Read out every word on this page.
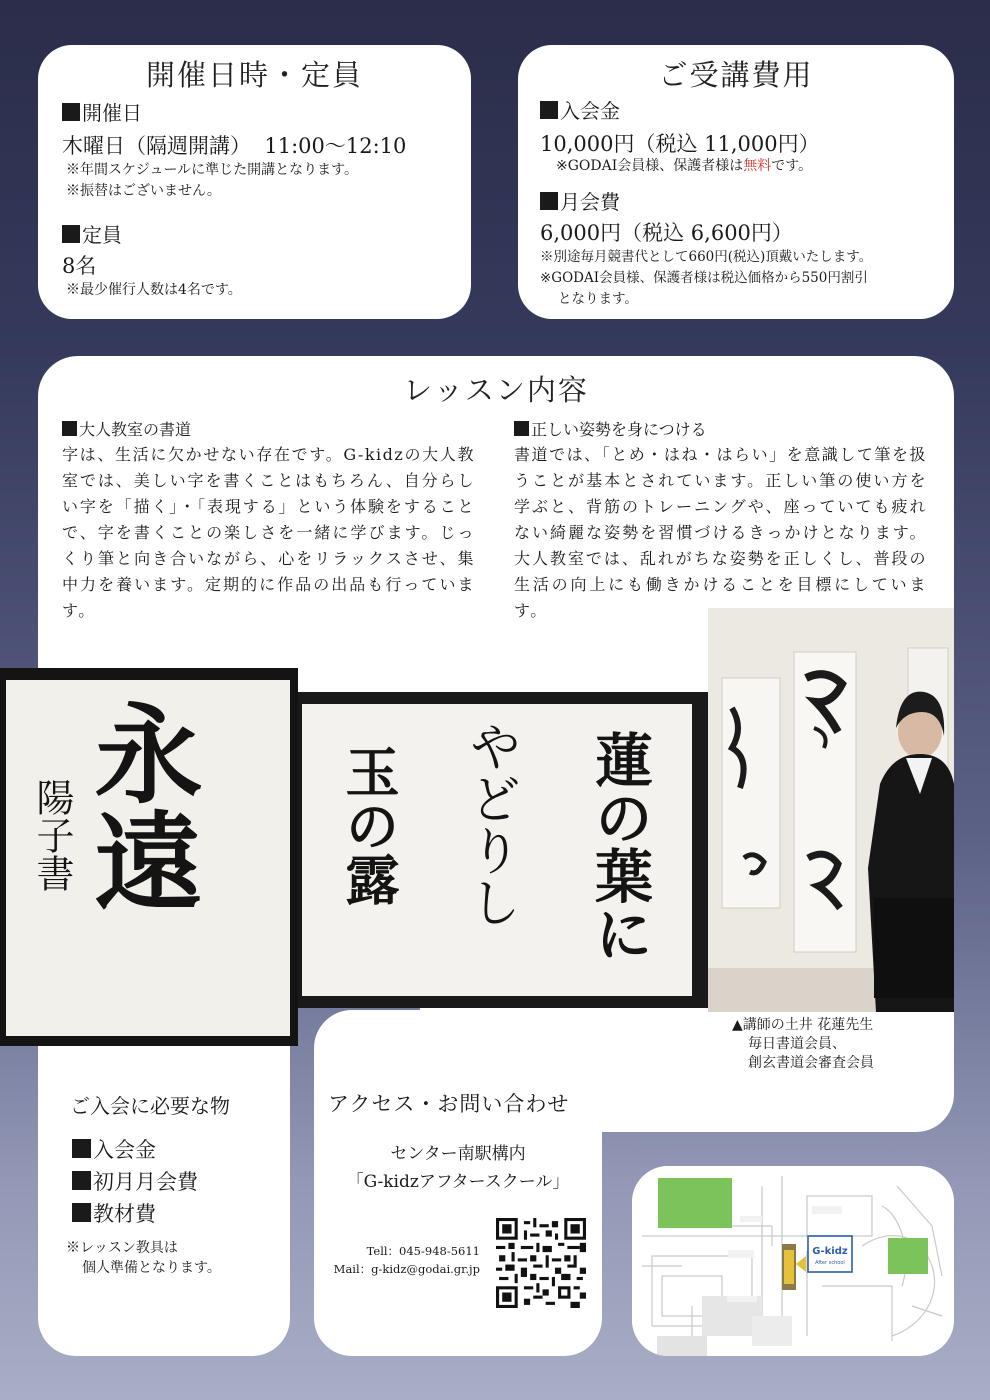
開催日時・定員
開催日
木曜日（隔週開講）  11:00〜12:10
※年間スケジュールに準じた開講となります。
※振替はございません。
定員
8名
※最少催行人数は4名です。
ご受講費用
入会金
10,000円（税込 11,000円）
※GODAI会員様、保護者様は無料です。
月会費
6,000円（税込 6,600円）
※別途毎月競書代として660円(税込)頂戴いたします。
※GODAI会員様、保護者様は税込価格から550円割引
となります。
レッスン内容
大人教室の書道
字は、生活に欠かせない存在です。G-kidzの大人教室では、美しい字を書くことはもちろん、自分らしい字を「描く」・「表現する」という体験をすることで、字を書くことの楽しさを一緒に学びます。じっくり筆と向き合いながら、心をリラックスさせ、集中力を養います。定期的に作品の出品も行っています。
正しい姿勢を身につける
書道では、「とめ・はね・はらい」を意識して筆を扱うことが基本とされています。正しい筆の使い方を学ぶと、背筋のトレーニングや、座っていても疲れない綺麗な姿勢を習慣づけるきっかけとなります。大人教室では、乱れがちな姿勢を正しくし、普段の生活の向上にも働きかけることを目標にしています。
▲講師の土井 花蓮先生
毎日書道会員、
創玄書道会審査会員
ご入会に必要な物
入会金
初月月会費
教材費
※レッスン教具は
個人準備となります。
アクセス・お問い合わせ
センター南駅構内
「G-kidzアフタースクール」
Tell：045-948-5611
Mail：g-kidz@godai.gr.jp
G-kidz
After school
永遠
陽子書	蓮の葉に
やどりし
玉の露
